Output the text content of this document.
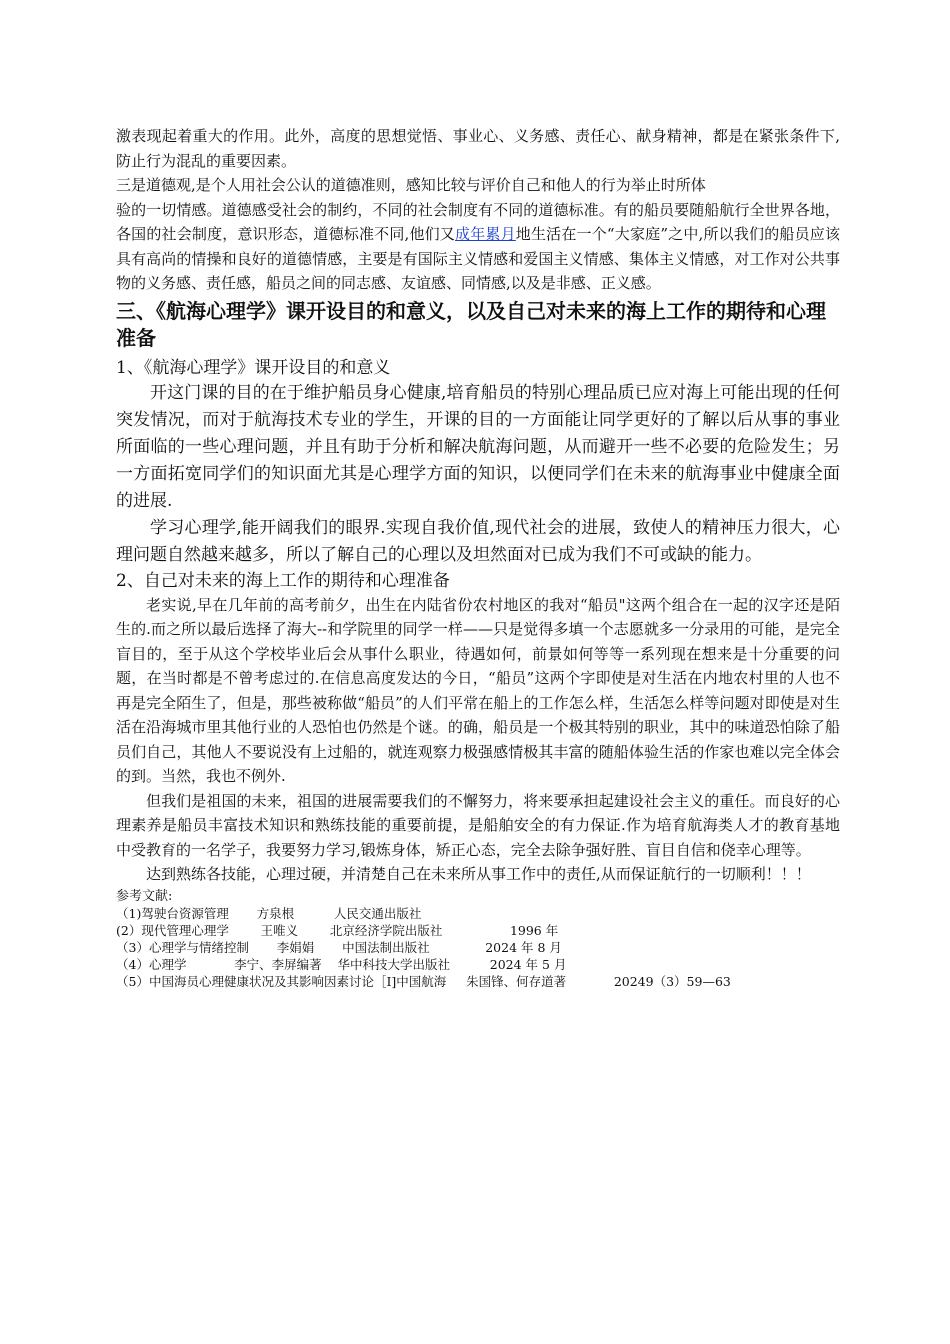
激表现起着重大的作用。此外，高度的思想觉悟、事业心、义务感、责任心、献身精神，都是在紧张条件下,防止行为混乱的重要因素。

三是道德观,是个人用社会公认的道德准则，感知比较与评价自己和他人的行为举止时所体
验的一切情感。道德感受社会的制约，不同的社会制度有不同的道德标准。有的船员要随船航行全世界各地，各国的社会制度，意识形态，道德标准不同,他们又成年累月地生活在一个“大家庭”之中,所以我们的船员应该具有高尚的情操和良好的道德情感，主要是有国际主义情感和爱国主义情感、集体主义情感，对工作对公共事物的义务感、责任感，船员之间的同志感、友谊感、同情感,以及是非感、正义感。

三、《航海心理学》课开设目的和意义，以及自己对未来的海上工作的期待和心理准备

1、《航海心理学》课开设目的和意义

开这门课的目的在于维护船员身心健康,培育船员的特别心理品质已应对海上可能出现的任何突发情况，而对于航海技术专业的学生，开课的目的一方面能让同学更好的了解以后从事的事业所面临的一些心理问题，并且有助于分析和解决航海问题，从而避开一些不必要的危险发生；另一方面拓宽同学们的知识面尤其是心理学方面的知识，以便同学们在未来的航海事业中健康全面的进展.

学习心理学,能开阔我们的眼界.实现自我价值,现代社会的进展，致使人的精神压力很大，心理问题自然越来越多，所以了解自己的心理以及坦然面对已成为我们不可或缺的能力。

2、自己对未来的海上工作的期待和心理准备

老实说,早在几年前的高考前夕，出生在内陆省份农村地区的我对“船员"这两个组合在一起的汉字还是陌生的.而之所以最后选择了海大--和学院里的同学一样——只是觉得多填一个志愿就多一分录用的可能，是完全盲目的，至于从这个学校毕业后会从事什么职业，待遇如何，前景如何等等一系列现在想来是十分重要的问题，在当时都是不曾考虑过的.在信息高度发达的今日，“船员”这两个字即使是对生活在内地农村里的人也不再是完全陌生了，但是，那些被称做“船员”的人们平常在船上的工作怎么样，生活怎么样等问题对即使是对生活在沿海城市里其他行业的人恐怕也仍然是个谜。的确，船员是一个极其特别的职业，其中的味道恐怕除了船员们自己，其他人不要说没有上过船的，就连观察力极强感情极其丰富的随船体验生活的作家也难以完全体会的到。当然，我也不例外.

但我们是祖国的未来，祖国的进展需要我们的不懈努力，将来要承担起建设社会主义的重任。而良好的心理素养是船员丰富技术知识和熟练技能的重要前提，是船舶安全的有力保证.作为培育航海类人才的教育基地中受教育的一名学子，我要努力学习,锻炼身体，矫正心态，完全去除争强好胜、盲目自信和侥幸心理等。

达到熟练各技能，心理过硬，并清楚自己在未来所从事工作中的责任,从而保证航行的一切顺利！！！

参考文献:
（1)驾驶台资源管理       方泉根          人民交通出版社
(2）现代管理心理学        王唯义        北京经济学院出版社                 1996 年
（3）心理学与情绪控制       李娟娟       中国法制出版社              2024 年 8 月
（4）心理学            李宁、李屏编著    华中科技大学出版社          2024 年 5 月
（5）中国海员心理健康状况及其影响因素讨论［I]中国航海     朱国锋、何存道著            20249（3）59—63
